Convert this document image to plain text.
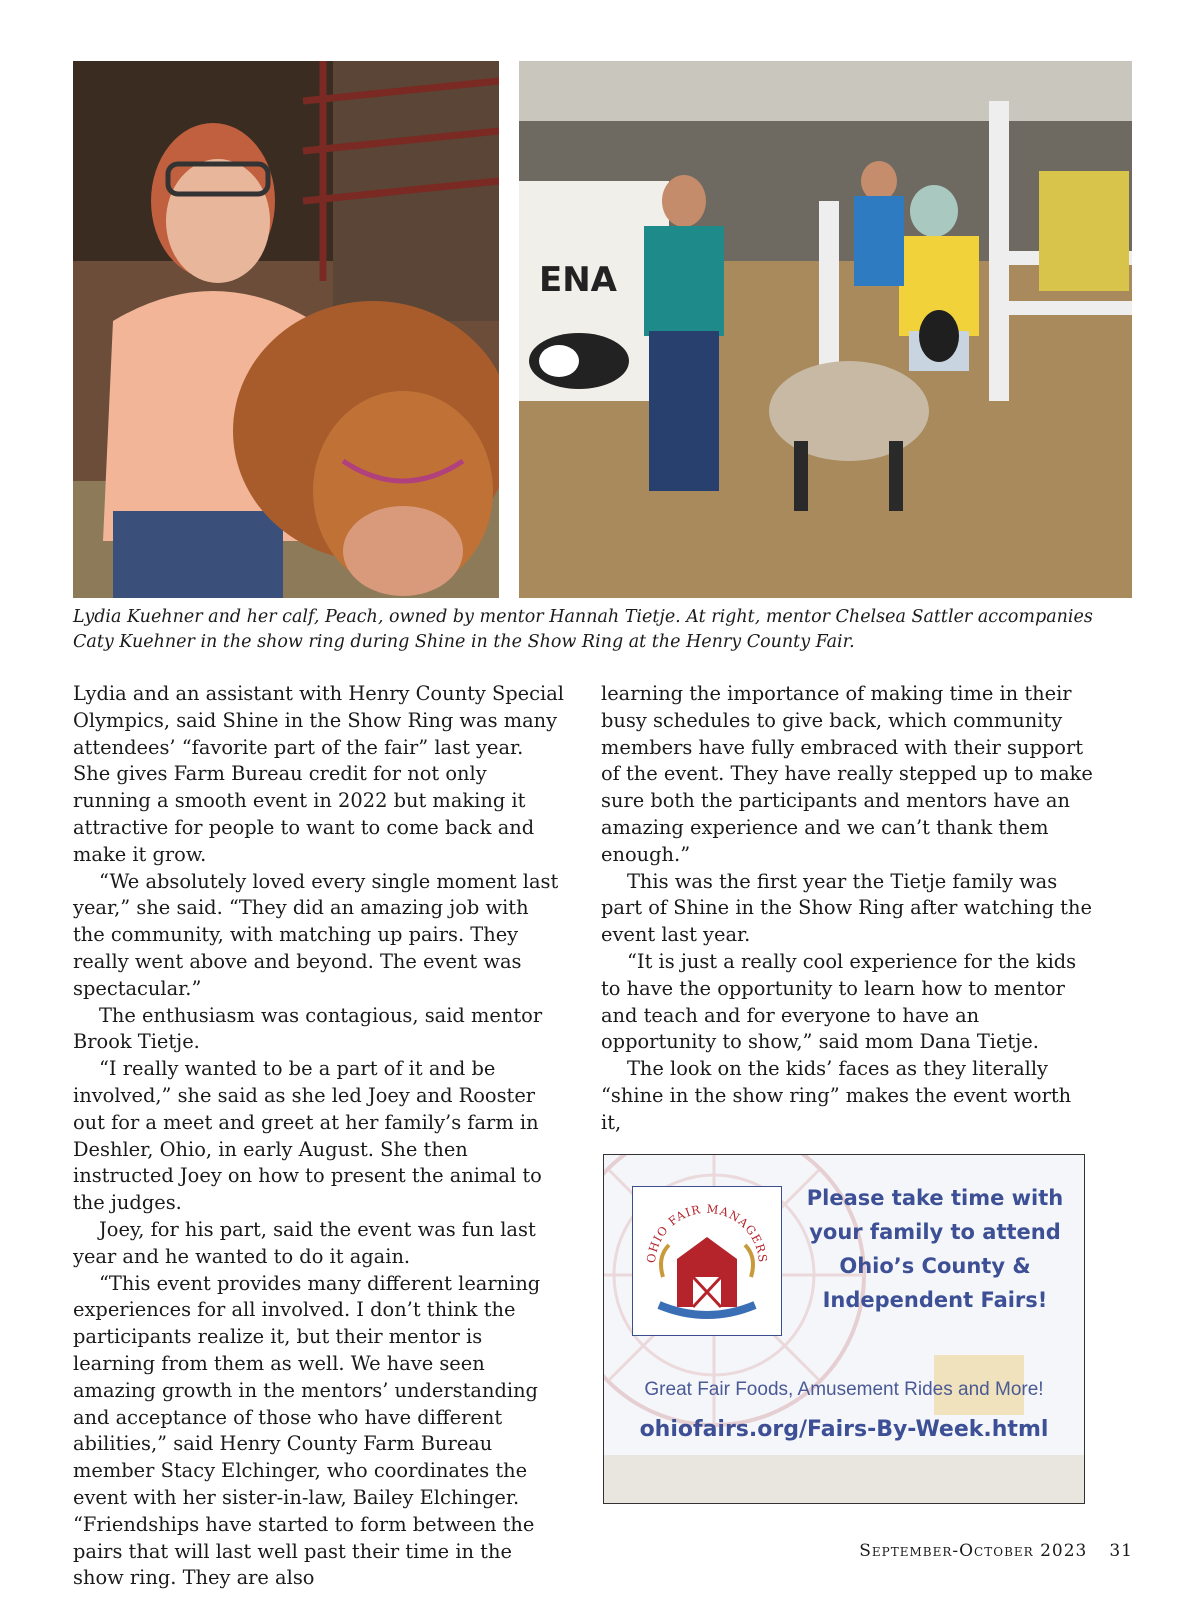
ENA

Lydia Kuehner and her calf, Peach, owned by mentor Hannah Tietje. At right, mentor Chelsea Sattler accompanies Caty Kuehner in the show ring during Shine in the Show Ring at the Henry County Fair.

Lydia and an assistant with Henry County Special Olympics, said Shine in the Show Ring was many attendees’ “favorite part of the fair” last year. She gives Farm Bureau credit for not only running a smooth event in 2022 but making it attractive for people to want to come back and make it grow.

“We absolutely loved every single moment last year,” she said. “They did an amazing job with the community, with matching up pairs. They really went above and beyond. The event was spectacular.”

The enthusiasm was contagious, said mentor Brook Tietje.

“I really wanted to be a part of it and be involved,” she said as she led Joey and Rooster out for a meet and greet at her family’s farm in Deshler, Ohio, in early August. She then instructed Joey on how to present the animal to the judges.

Joey, for his part, said the event was fun last year and he wanted to do it again.

“This event provides many different learning experiences for all involved. I don’t think the participants realize it, but their mentor is learning from them as well. We have seen amazing growth in the mentors’ understanding and acceptance of those who have different abilities,” said Henry County Farm Bureau member Stacy Elchinger, who coordinates the event with her sister-in-law, Bailey Elchinger. “Friendships have started to form between the pairs that will last well past their time in the show ring. They are also

learning the importance of making time in their busy schedules to give back, which community members have fully embraced with their support of the event. They have really stepped up to make sure both the participants and mentors have an amazing experience and we can’t thank them enough.”

This was the first year the Tietje family was part of Shine in the Show Ring after watching the event last year.

“It is just a really cool experience for the kids to have the opportunity to learn how to mentor and teach and for everyone to have an opportunity to show,” said mom Dana Tietje.

The look on the kids’ faces as they literally “shine in the show ring” makes the event worth it,

OHIO FAIR MANAGERS

Please take time with
your family to attend
Ohio’s County &
Independent Fairs!

Great Fair Foods, Amusement Rides and More!

ohiofairs.org/Fairs-By-Week.html

September-October 2023 31
